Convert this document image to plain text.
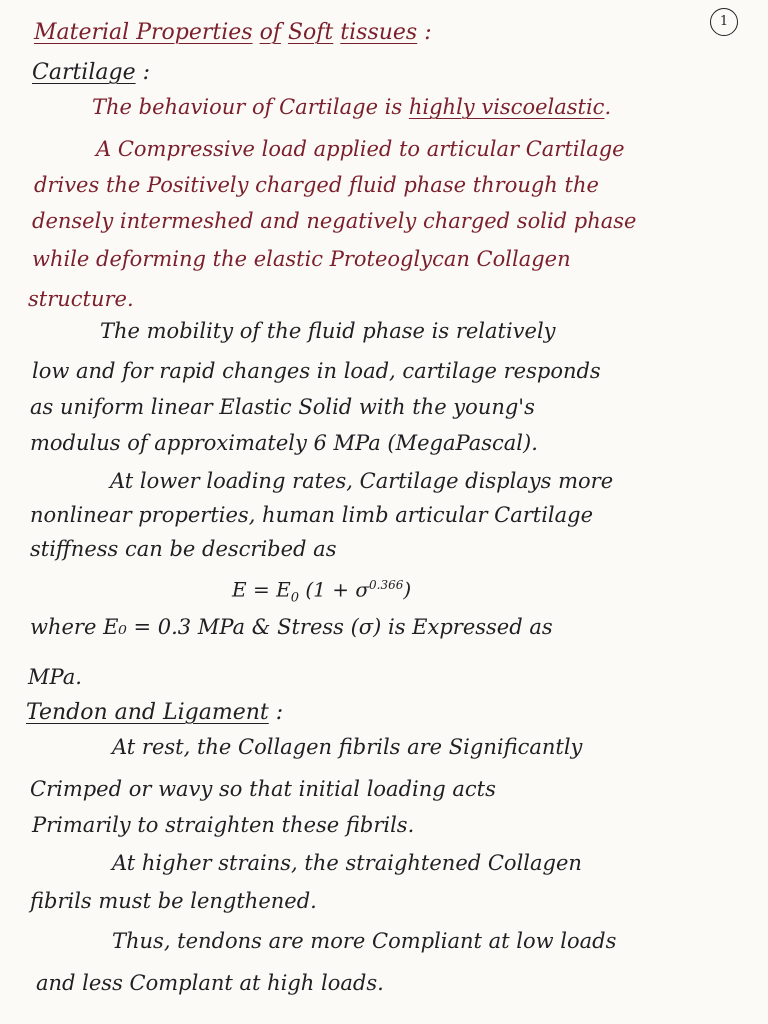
1
Material Properties of Soft tissues :
Cartilage :
The behaviour of Cartilage is highly viscoelastic.
A Compressive load applied to articular Cartilage
drives the Positively charged fluid phase through the
densely intermeshed and negatively charged solid phase
while deforming the elastic Proteoglycan Collagen
structure.
The mobility of the fluid phase is relatively
low and for rapid changes in load, cartilage responds
as uniform linear Elastic Solid with the young's
modulus of approximately 6 MPa (MegaPascal).
At lower loading rates, Cartilage displays more
nonlinear properties, human limb articular Cartilage
stiffness can be described as
$E = E_0$ $(1 + \sigma^{0.366})$
where E₀ = 0.3 MPa & Stress (σ) is Expressed as
MPa.
Tendon and Ligament :
At rest, the Collagen fibrils are Significantly
Crimped or wavy so that initial loading acts
Primarily to straighten these fibrils.
At higher strains, the straightened Collagen
fibrils must be lengthened.
Thus, tendons are more Compliant at low loads
and less Complant at high loads.
